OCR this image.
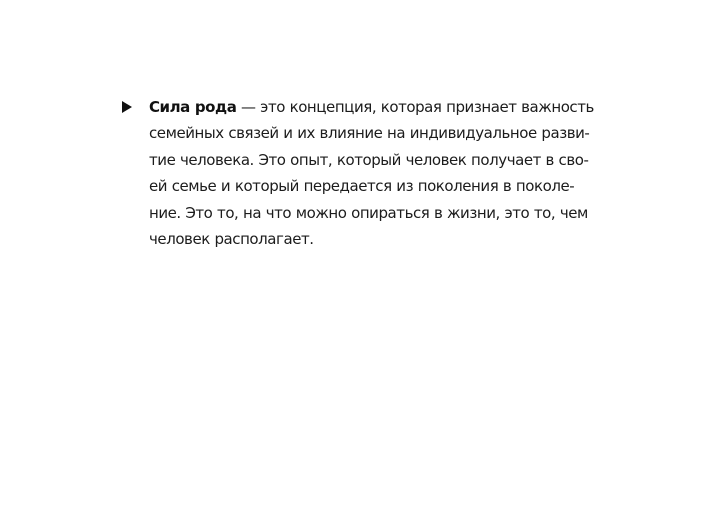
Сила рода — это концепция, которая признает важность
семейных связей и их влияние на индивидуальное разви-
тие человека. Это опыт, который человек получает в сво-
ей семье и который передается из поколения в поколе-
ние. Это то, на что можно опираться в жизни, это то, чем
человек располагает.
